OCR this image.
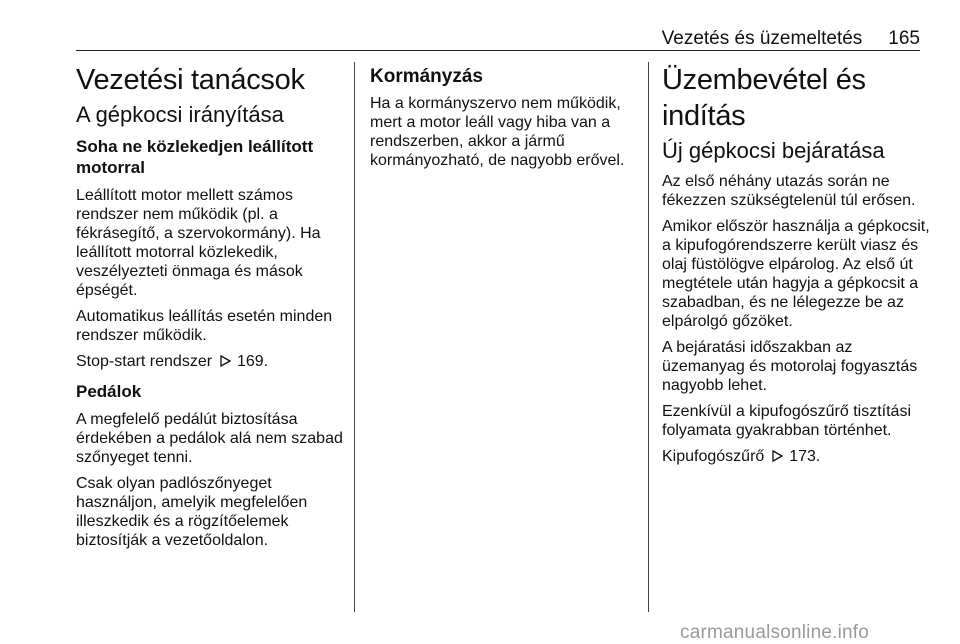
Vezetés és üzemeltetés 165
Vezetési tanácsok
A gépkocsi irányítása
Soha ne közlekedjen leállított motorral

Leállított motor mellett számos rendszer nem működik (pl. a fékrásegítő, a szervokormány). Ha leállított motorral közlekedik, veszélyezteti önmaga és mások épségét.

Automatikus leállítás esetén minden rendszer működik.

Stop-start rendszer 169.

Pedálok

A megfelelő pedálút biztosítása érdekében a pedálok alá nem szabad szőnyeget tenni.

Csak olyan padlószőnyeget használjon, amelyik megfelelően illeszkedik és a rögzítőelemek biztosítják a vezetőoldalon.

Kormányzás

Ha a kormányszervo nem működik, mert a motor leáll vagy hiba van a rendszerben, akkor a jármű kormányozható, de nagyobb erővel.

Üzembevétel és indítás
Új gépkocsi bejáratása

Az első néhány utazás során ne fékezzen szükségtelenül túl erősen.

Amikor először használja a gépkocsit, a kipufogórendszerre került viasz és olaj füstölögve elpárolog. Az első út megtétele után hagyja a gépkocsit a szabadban, és ne lélegezze be az elpárolgó gőzöket.

A bejáratási időszakban az üzemanyag és motorolaj fogyasztás nagyobb lehet.

Ezenkívül a kipufogószűrő tisztítási folyamata gyakrabban történhet.

Kipufogószűrő 173.

carmanualsonline.info
